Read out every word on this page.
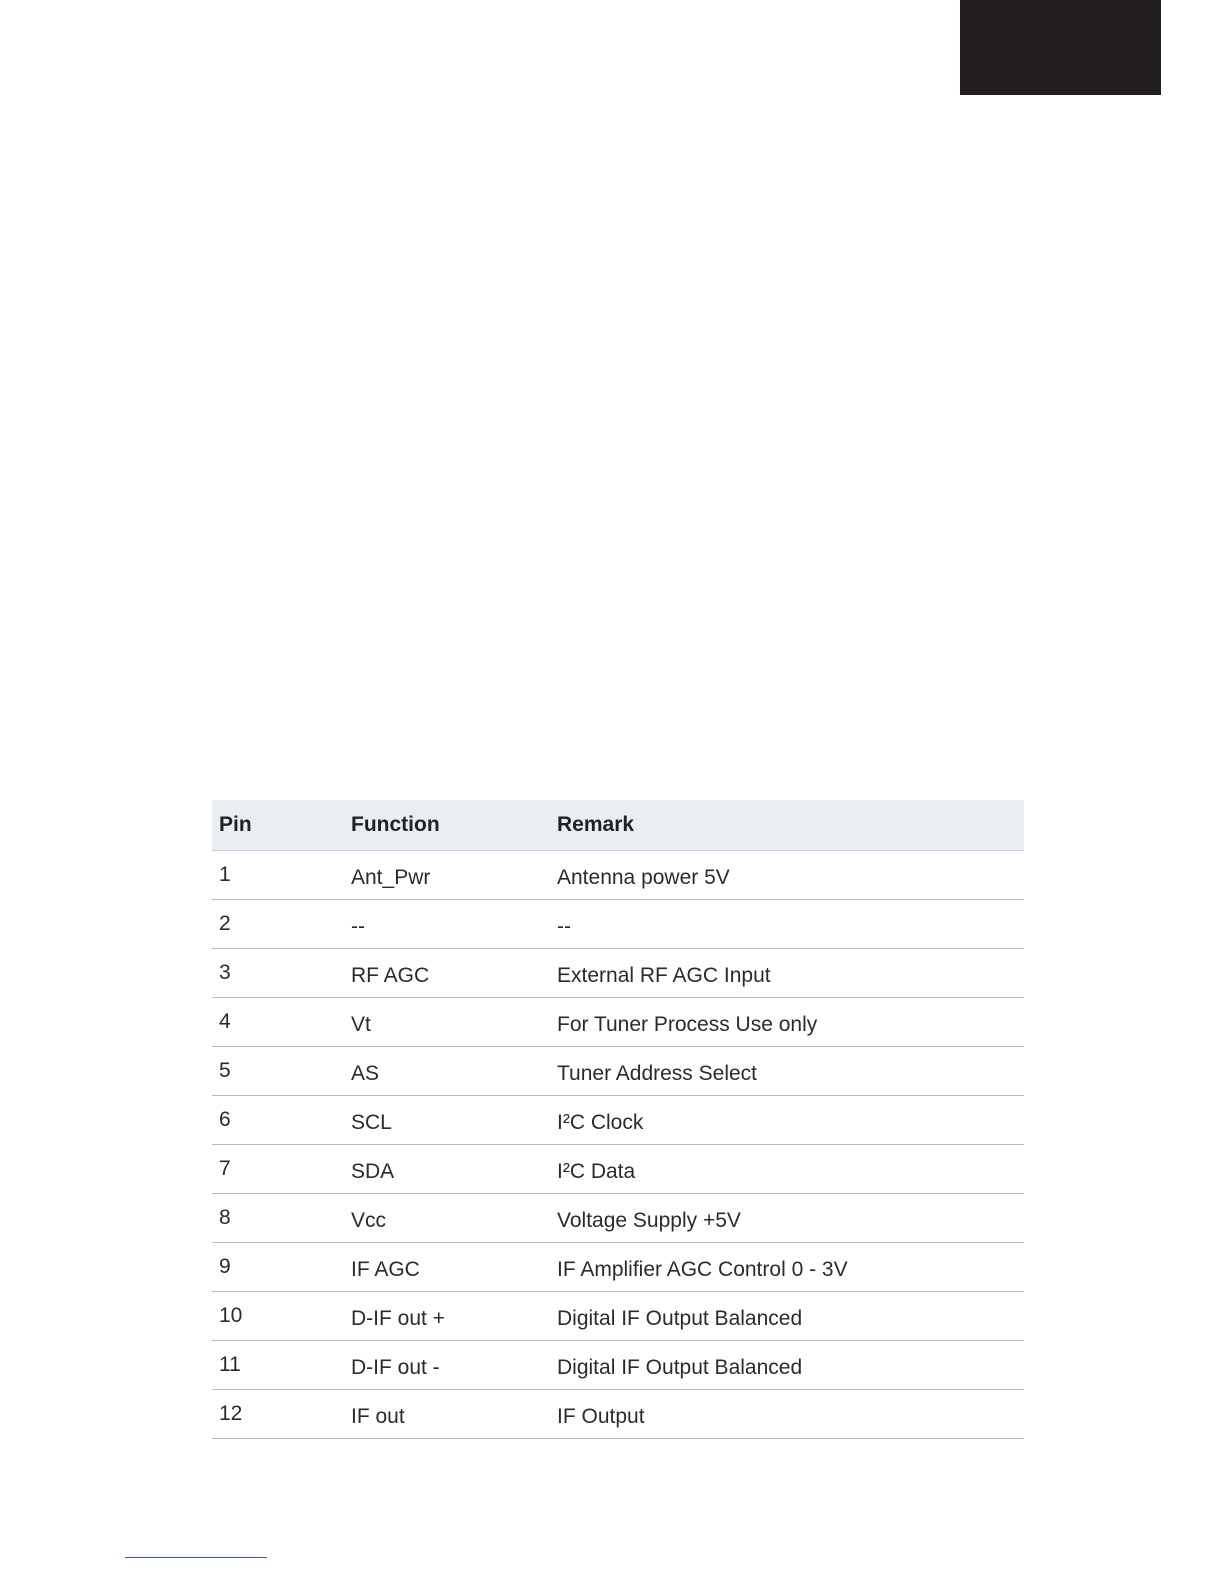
Pin	Function	Remark
1	Ant_Pwr	Antenna power 5V
2	--	--
3	RF AGC	External RF AGC Input
4	Vt	For Tuner Process Use only
5	AS	Tuner Address Select
6	SCL	I²C Clock
7	SDA	I²C Data
8	Vcc	Voltage Supply +5V
9	IF AGC	IF Amplifier AGC Control 0 - 3V
10	D-IF out +	Digital IF Output Balanced
11	D-IF out -	Digital IF Output Balanced
12	IF out	IF Output
